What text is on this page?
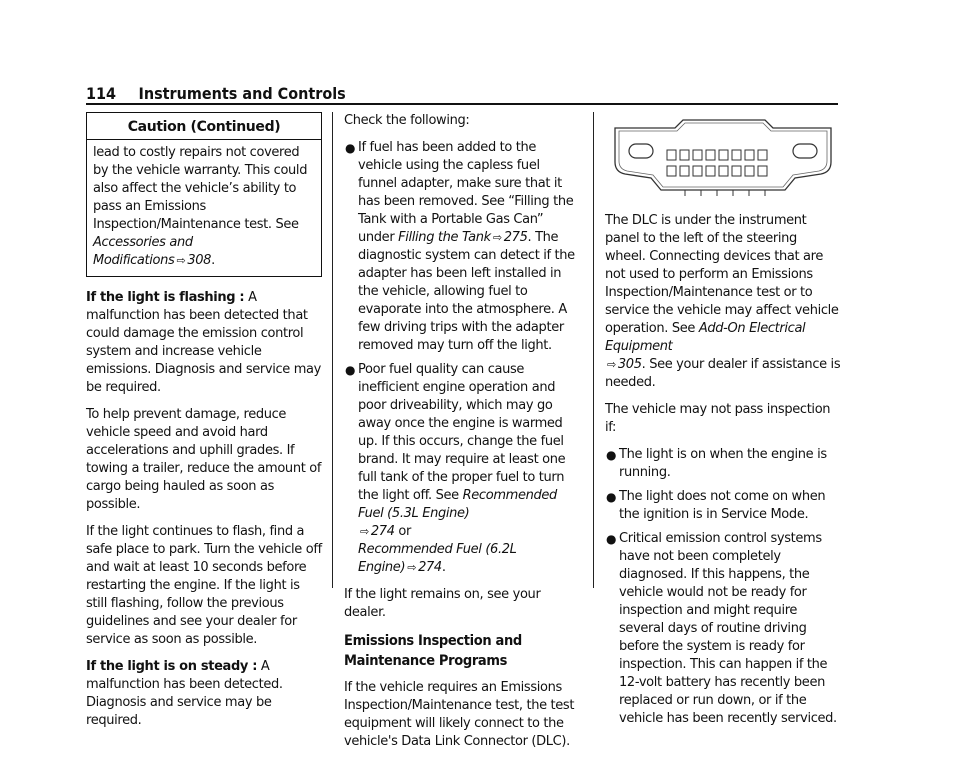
114 Instruments and Controls
Caution (Continued)
lead to costly repairs not covered by the vehicle warranty. This could also affect the vehicle’s ability to pass an Emissions Inspection/Maintenance test. See Accessories and Modifications ⇨ 308.

If the light is flashing : A malfunction has been detected that could damage the emission control system and increase vehicle emissions. Diagnosis and service may be required.

To help prevent damage, reduce vehicle speed and avoid hard accelerations and uphill grades. If towing a trailer, reduce the amount of cargo being hauled as soon as possible.

If the light continues to flash, find a safe place to park. Turn the vehicle off and wait at least 10 seconds before restarting the engine. If the light is still flashing, follow the previous guidelines and see your dealer for service as soon as possible.

If the light is on steady : A malfunction has been detected. Diagnosis and service may be required.

Check the following:

● If fuel has been added to the vehicle using the capless fuel funnel adapter, make sure that it has been removed. See “Filling the Tank with a Portable Gas Can” under Filling the Tank ⇨ 275. The diagnostic system can detect if the adapter has been left installed in the vehicle, allowing fuel to evaporate into the atmosphere. A few driving trips with the adapter removed may turn off the light.
● Poor fuel quality can cause inefficient engine operation and poor driveability, which may go away once the engine is warmed up. If this occurs, change the fuel brand. It may require at least one full tank of the proper fuel to turn the light off. See Recommended Fuel (5.3L Engine)
⇨ 274 or
Recommended Fuel (6.2L Engine) ⇨ 274.

If the light remains on, see your dealer.

Emissions Inspection and Maintenance Programs

If the vehicle requires an Emissions Inspection/Maintenance test, the test equipment will likely connect to the vehicle's Data Link Connector (DLC).

The DLC is under the instrument panel to the left of the steering wheel. Connecting devices that are not used to perform an Emissions Inspection/Maintenance test or to service the vehicle may affect vehicle operation. See Add-On Electrical Equipment
⇨ 305. See your dealer if assistance is needed.

The vehicle may not pass inspection if:

● The light is on when the engine is running.
● The light does not come on when the ignition is in Service Mode.
● Critical emission control systems have not been completely diagnosed. If this happens, the vehicle would not be ready for inspection and might require several days of routine driving before the system is ready for inspection. This can happen if the 12-volt battery has recently been replaced or run down, or if the vehicle has been recently serviced.
